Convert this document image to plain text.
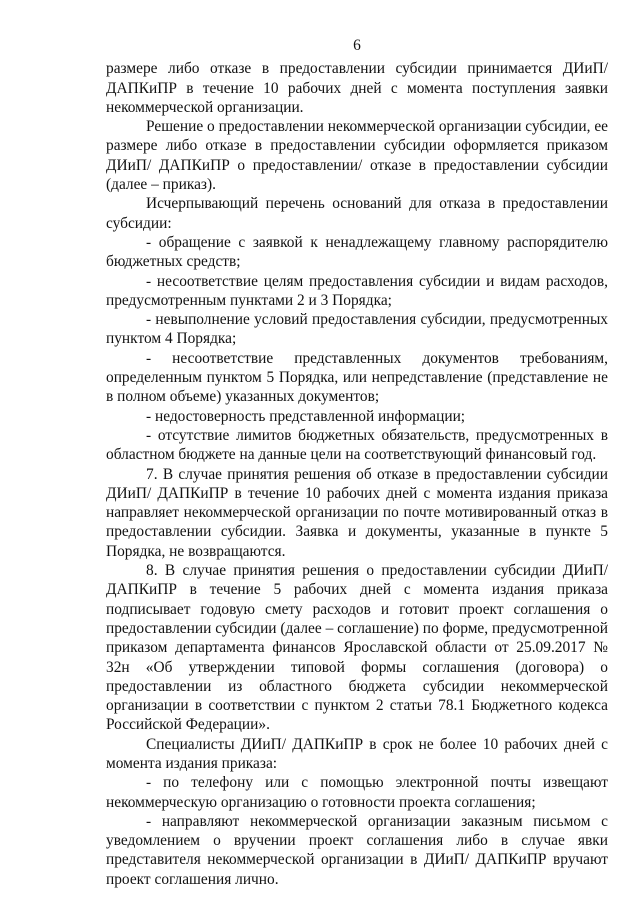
6

размере либо отказе в предоставлении субсидии принимается ДИиП/ ДАПКиПР в течение 10 рабочих дней с момента поступления заявки некоммерческой организации.

Решение о предоставлении некоммерческой организации субсидии, ее размере либо отказе в предоставлении субсидии оформляется приказом ДИиП/ ДАПКиПР о предоставлении/ отказе в предоставлении субсидии (далее – приказ).

Исчерпывающий перечень оснований для отказа в предоставлении субсидии:

- обращение с заявкой к ненадлежащему главному распорядителю бюджетных средств;

- несоответствие целям предоставления субсидии и видам расходов, предусмотренным пунктами 2 и 3 Порядка;

- невыполнение условий предоставления субсидии, предусмотренных пунктом 4 Порядка;

- несоответствие представленных документов требованиям, определенным пунктом 5 Порядка, или непредставление (представление не в полном объеме) указанных документов;

- недостоверность представленной информации;

- отсутствие лимитов бюджетных обязательств, предусмотренных в областном бюджете на данные цели на соответствующий финансовый год.

7. В случае принятия решения об отказе в предоставлении субсидии ДИиП/ ДАПКиПР в течение 10 рабочих дней с момента издания приказа направляет некоммерческой организации по почте мотивированный отказ в предоставлении субсидии. Заявка и документы, указанные в пункте 5 Порядка, не возвращаются.

8. В случае принятия решения о предоставлении субсидии ДИиП/ ДАПКиПР в течение 5 рабочих дней с момента издания приказа подписывает годовую смету расходов и готовит проект соглашения о предоставлении субсидии (далее – соглашение) по форме, предусмотренной приказом департамента финансов Ярославской области от 25.09.2017 № 32н «Об утверждении типовой формы соглашения (договора) о предоставлении из областного бюджета субсидии некоммерческой организации в соответствии с пунктом 2 статьи 78.1 Бюджетного кодекса Российской Федерации».

Специалисты ДИиП/ ДАПКиПР в срок не более 10 рабочих дней с момента издания приказа:

- по телефону или с помощью электронной почты извещают некоммерческую организацию о готовности проекта соглашения;

- направляют некоммерческой организации заказным письмом с уведомлением о вручении проект соглашения либо в случае явки представителя некоммерческой организации в ДИиП/ ДАПКиПР вручают проект соглашения лично.
